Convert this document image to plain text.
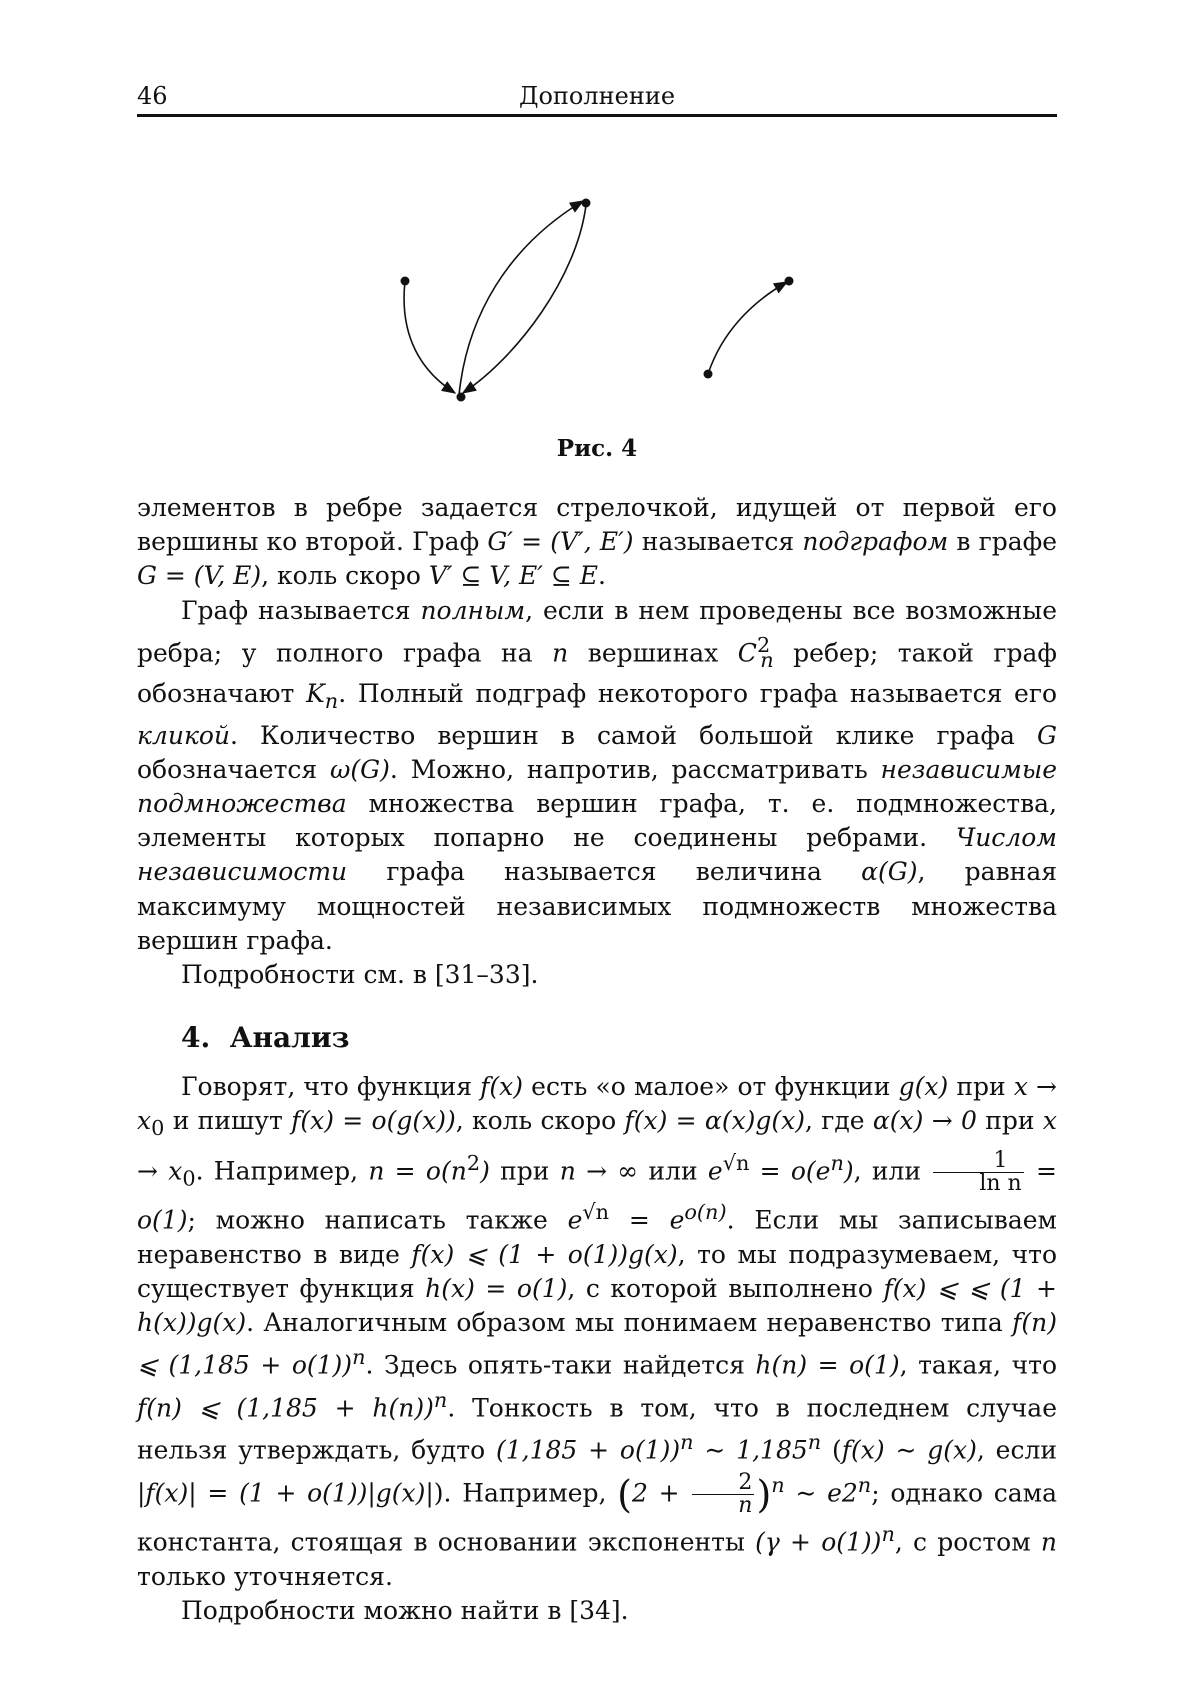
46	Дополнение
Рис. 4

элементов в ребре задается стрелочкой, идущей от первой его вершины ко второй. Граф G′ = (V′, E′) называется подграфом в графе G = (V, E), коль скоро V′ ⊆ V, E′ ⊆ E.

Граф называется полным, если в нем проведены все возможные ребра; у полного графа на n вершинах $C^2_n$ ребер; такой граф обозначают $K_n$. Полный подграф некоторого графа называется его кликой. Количество вершин в самой большой клике графа G обозначается ω(G). Можно, напротив, рассматривать независимые подмножества множества вершин графа, т. е. подмножества, элементы которых попарно не соединены ребрами. Числом независимости графа называется величина α(G), равная максимуму мощностей независимых подмножеств множества вершин графа.

Подробности см. в [31–33].

4. Анализ

Говорят, что функция f(x) есть «о малое» от функции g(x) при $x \to x_0$ и пишут f(x) = o(g(x)), коль скоро f(x) = α(x)g(x), где α(x) → 0 при $x \to x_0$. Например, $n = o(n^2)$ при n → ∞ или $e^{√n} = o(e^n)$, или $\frac{1}{\text{ln n}} = o(1)$; можно написать также $e^{√n} = e^{o(n)}$. Если мы записываем неравенство в виде f(x) ⩽ (1 + o(1))g(x), то мы подразумеваем, что существует функция h(x) = o(1), с которой выполнено f(x) ⩽ ⩽ (1 + h(x))g(x). Аналогичным образом мы понимаем неравенство типа f(n) ⩽ $(1,185 + o(1))^n$. Здесь опять-таки найдется h(n) = o(1), такая, что f(n) ⩽ $(1,185 + h(n))^n$. Тонкость в том, что в последнем случае нельзя утверждать, будто $(1,185 + o(1))^n$ ∼ 1,185$^n$ (f(x) ∼ g(x), если |f(x)| = (1 + o(1))|g(x)|). Например, $(2 + \frac{2}{n} )^n$ ∼ e2$^n$; однако сама константа, стоящая в основании экспоненты $(\gamma + o(1))^n$, с ростом n только уточняется.

Подробности можно найти в [34].
